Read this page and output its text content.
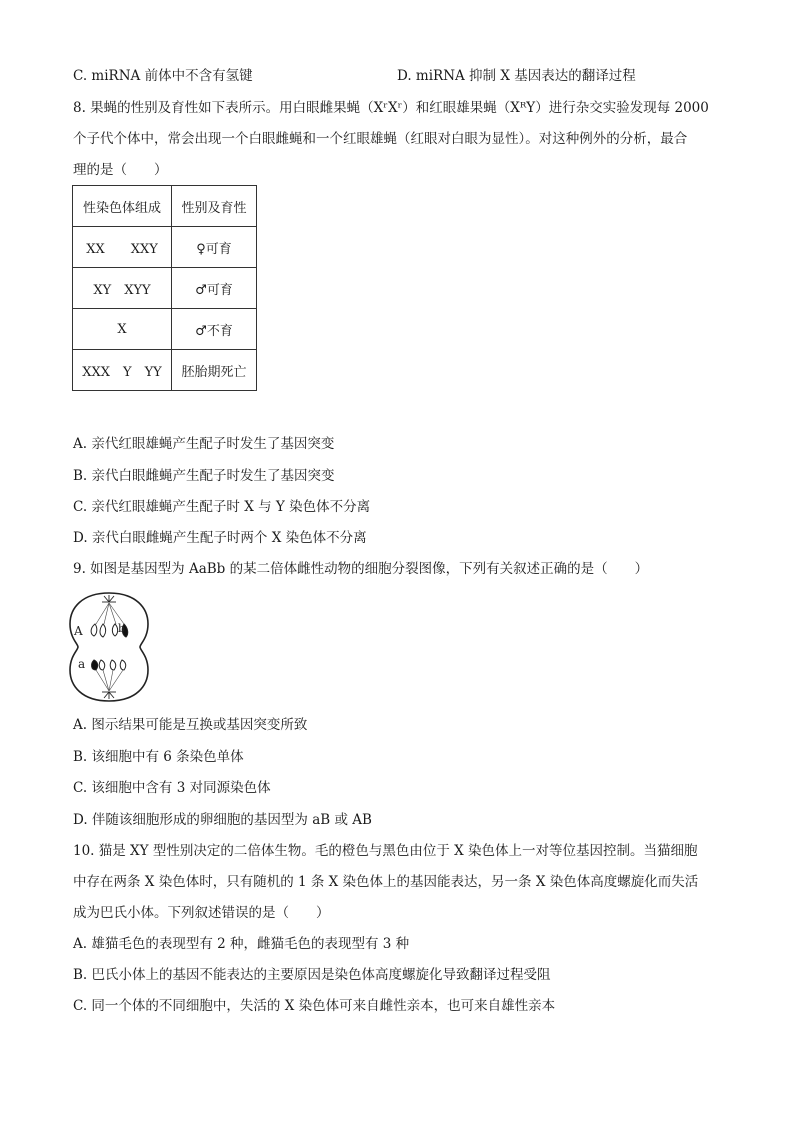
C. miRNA 前体中不含有氢键	D. miRNA 抑制 X 基因表达的翻译过程
8. 果蝇的性别及育性如下表所示。用白眼雌果蝇（XʳXʳ）和红眼雄果蝇（XᴿY）进行杂交实验发现每 2000
个子代个体中，常会出现一个白眼雌蝇和一个红眼雄蝇（红眼对白眼为显性）。对这种例外的分析，最合
理的是（　　）
性染色体组成	性别及育性
XX　　XXY	♀可育
XY　XYY	♂可育
X	♂不育
XXX　Y　YY	胚胎期死亡
A. 亲代红眼雄蝇产生配子时发生了基因突变
B. 亲代白眼雌蝇产生配子时发生了基因突变
C. 亲代红眼雄蝇产生配子时 X 与 Y 染色体不分离
D. 亲代白眼雌蝇产生配子时两个 X 染色体不分离
9. 如图是基因型为 AaBb 的某二倍体雌性动物的细胞分裂图像，下列有关叙述正确的是（　　）
A	b
a
A. 图示结果可能是互换或基因突变所致
B. 该细胞中有 6 条染色单体
C. 该细胞中含有 3 对同源染色体
D. 伴随该细胞形成的卵细胞的基因型为 aB 或 AB
10. 猫是 XY 型性别决定的二倍体生物。毛的橙色与黑色由位于 X 染色体上一对等位基因控制。当猫细胞
中存在两条 X 染色体时，只有随机的 1 条 X 染色体上的基因能表达，另一条 X 染色体高度螺旋化而失活
成为巴氏小体。下列叙述错误的是（　　）
A. 雄猫毛色的表现型有 2 种，雌猫毛色的表现型有 3 种
B. 巴氏小体上的基因不能表达的主要原因是染色体高度螺旋化导致翻译过程受阻
C. 同一个体的不同细胞中，失活的 X 染色体可来自雌性亲本，也可来自雄性亲本
